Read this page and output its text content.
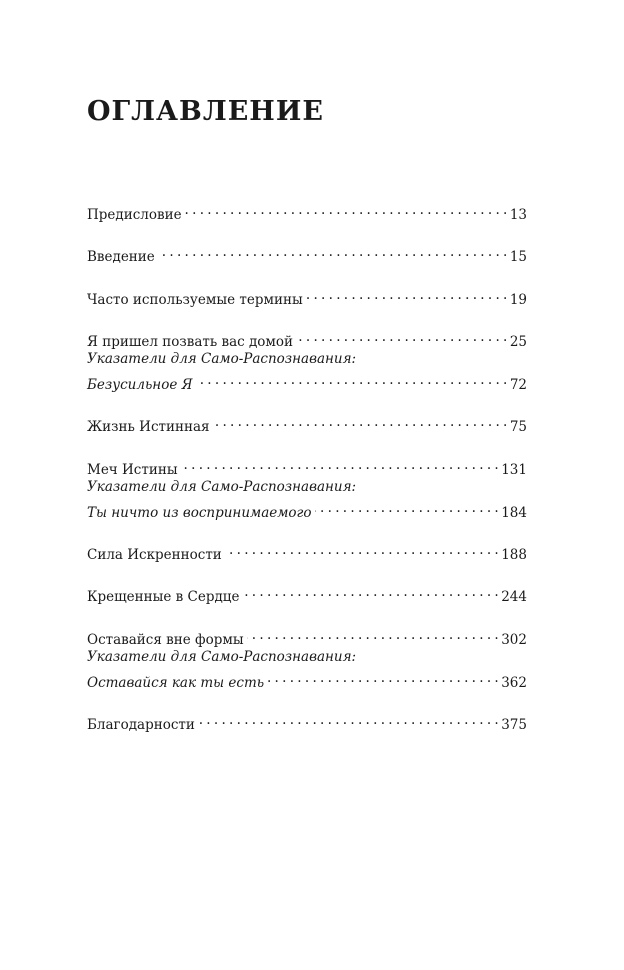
ОГЛАВЛЕНИЕ
Предисловие . . .	13
Введение . . .	15
Часто используемые термины . . .	19
Я пришел позвать вас домой . . .	25
Указатели для Само-Распознавания:
Безусильное Я . . .	72
Жизнь Истинная . . .	75
Меч Истины . . .	131
Указатели для Само-Распознавания:
Ты ничто из воспринимаемого . . .	184
Сила Искренности . . .	188
Крещенные в Сердце . . .	244
Оставайся вне формы . . .	302
Указатели для Само-Распознавания:
Оставайся как ты есть . . .	362
Благодарности . . .	375
